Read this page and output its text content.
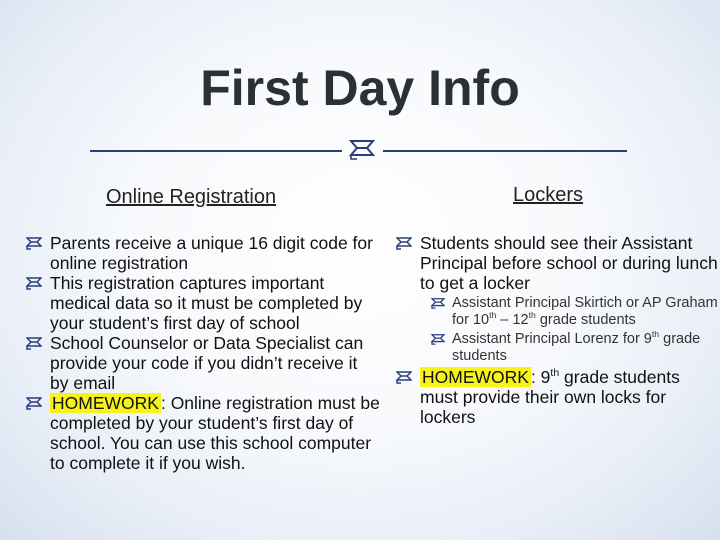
First Day Info
Online Registration	Lockers
Parents receive a unique 16 digit code for online registration
This registration captures important medical data so it must be completed by your student’s first day of school
School Counselor or Data Specialist can provide your code if you didn’t receive it by email
HOMEWORK : Online registration must be completed by your student’s first day of school. You can use this school computer to complete it if you wish.
Students should see their Assistant Principal before school or during lunch to get a locker
Assistant Principal Skirtich or AP Graham for 10th – 12th grade students
Assistant Principal Lorenz for 9th grade students
HOMEWORK : 9th grade students must provide their own locks for lockers
